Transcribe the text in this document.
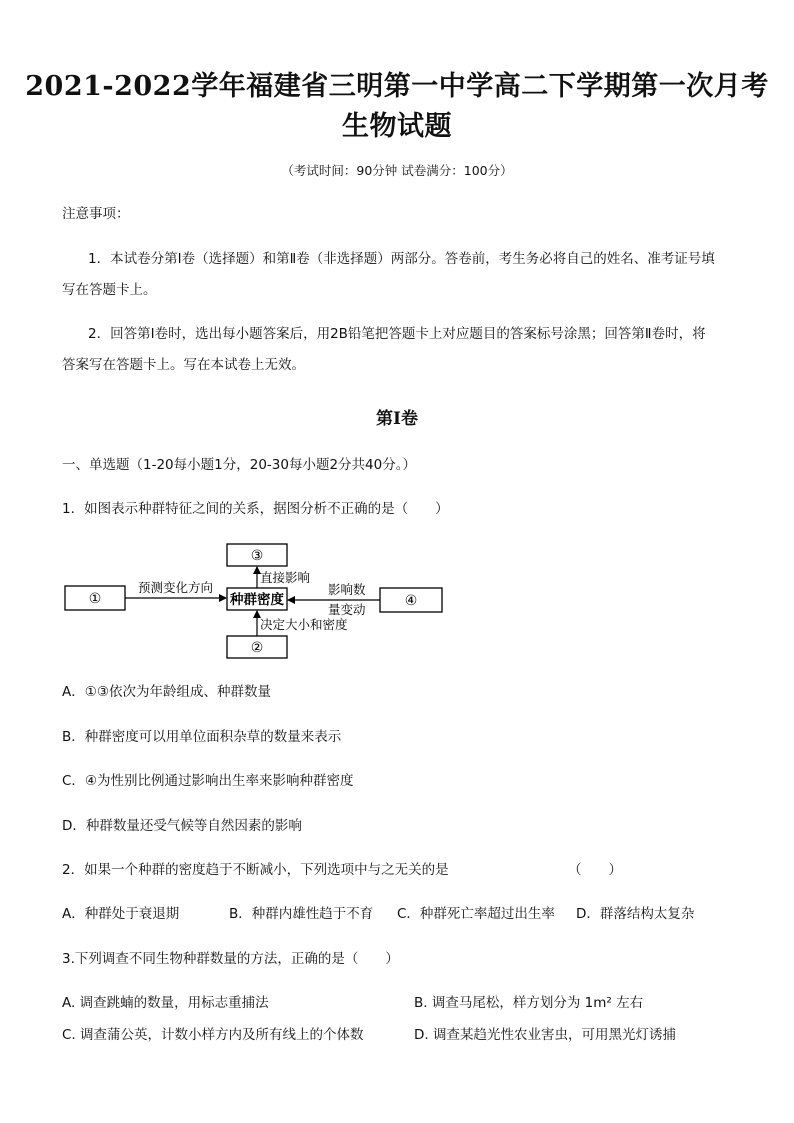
2021-2022学年福建省三明第一中学高二下学期第一次月考
生物试题
（考试时间：90分钟 试卷满分：100分）
注意事项：
1．本试卷分第Ⅰ卷（选择题）和第Ⅱ卷（非选择题）两部分。答卷前，考生务必将自己的姓名、准考证号填
写在答题卡上。
2．回答第Ⅰ卷时，选出每小题答案后，用2B铅笔把答题卡上对应题目的答案标号涂黑；回答第Ⅱ卷时，将
答案写在答题卡上。写在本试卷上无效。
第Ⅰ卷
一、单选题（1-20每小题1分，20-30每小题2分共40分。）
1．如图表示种群特征之间的关系，据图分析不正确的是（　　）
①
③
种群密度
②
④
预测变化方向
直接影响
决定大小和密度
影响数
量变动
A．①③依次为年龄组成、种群数量
B．种群密度可以用单位面积杂草的数量来表示
C．④为性别比例通过影响出生率来影响种群密度
D．种群数量还受气候等自然因素的影响
2．如果一个种群的密度趋于不断减小，下列选项中与之无关的是	（　　）
A．种群处于衰退期	B．种群内雄性趋于不育 C．种群死亡率超过出生率 D．群落结构太复杂
3.下列调查不同生物种群数量的方法，正确的是（　　）
A. 调查跳蝻的数量，用标志重捕法	B. 调查马尾松，样方划分为 1m² 左右
C. 调查蒲公英，计数小样方内及所有线上的个体数	D. 调查某趋光性农业害虫，可用黑光灯诱捕
